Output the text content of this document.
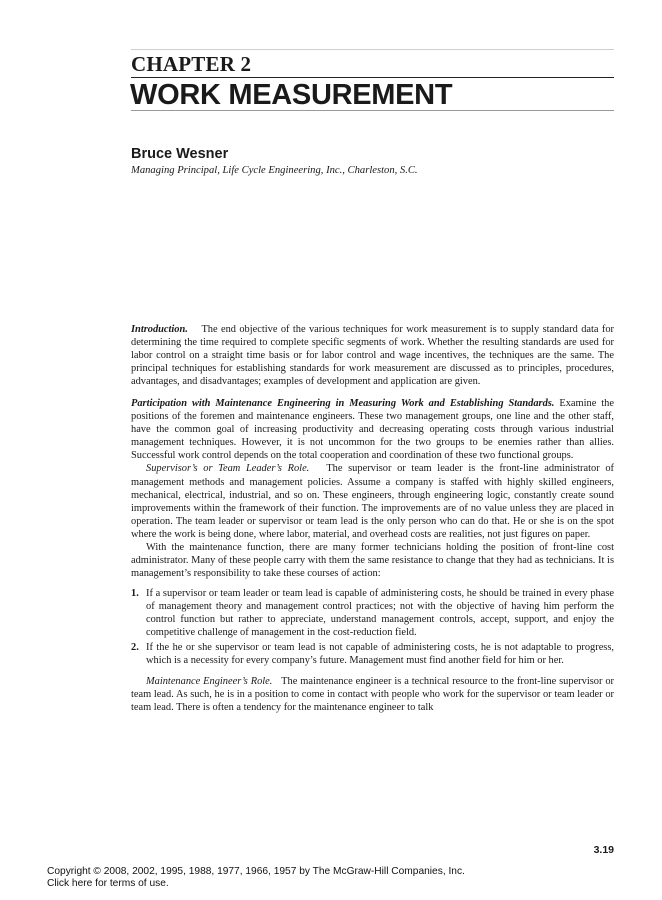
CHAPTER 2
WORK MEASUREMENT
Bruce Wesner
Managing Principal, Life Cycle Engineering, Inc., Charleston, S.C.

Introduction. The end objective of the various techniques for work measurement is to supply standard data for determining the time required to complete specific segments of work. Whether the resulting standards are used for labor control on a straight time basis or for labor control and wage incentives, the techniques are the same. The principal techniques for establishing standards for work measurement are discussed as to principles, procedures, advantages, and disadvantages; examples of development and application are given.

Participation with Maintenance Engineering in Measuring Work and Establishing Standards. Examine the positions of the foremen and maintenance engineers. These two management groups, one line and the other staff, have the common goal of increasing productivity and decreasing operating costs through various industrial management techniques. However, it is not uncommon for the two groups to be enemies rather than allies. Successful work control depends on the total cooperation and coordination of these two functional groups.

Supervisor’s or Team Leader’s Role. The supervisor or team leader is the front-line administrator of management methods and management policies. Assume a company is staffed with highly skilled engineers, mechanical, electrical, industrial, and so on. These engineers, through engineering logic, constantly create sound improvements within the framework of their function. The improvements are of no value unless they are placed in operation. The team leader or supervisor or team lead is the only person who can do that. He or she is on the spot where the work is being done, where labor, material, and overhead costs are realities, not just figures on paper.

With the maintenance function, there are many former technicians holding the position of front-line cost administrator. Many of these people carry with them the same resistance to change that they had as technicians. It is management’s responsibility to take these courses of action:

1. If a supervisor or team leader or team lead is capable of administering costs, he should be trained in every phase of management theory and management control practices; not with the objective of having him perform the control function but rather to appreciate, understand management controls, accept, support, and enjoy the competitive challenge of management in the cost-reduction field.
2. If the he or she supervisor or team lead is not capable of administering costs, he is not adaptable to progress, which is a necessity for every company’s future. Management must find another field for him or her.

Maintenance Engineer’s Role. The maintenance engineer is a technical resource to the front-line supervisor or team lead. As such, he is in a position to come in contact with people who work for the supervisor or team leader or team lead. There is often a tendency for the maintenance engineer to talk

3.19
Copyright © 2008, 2002, 1995, 1988, 1977, 1966, 1957 by The McGraw-Hill Companies, Inc.
Click here for terms of use.
